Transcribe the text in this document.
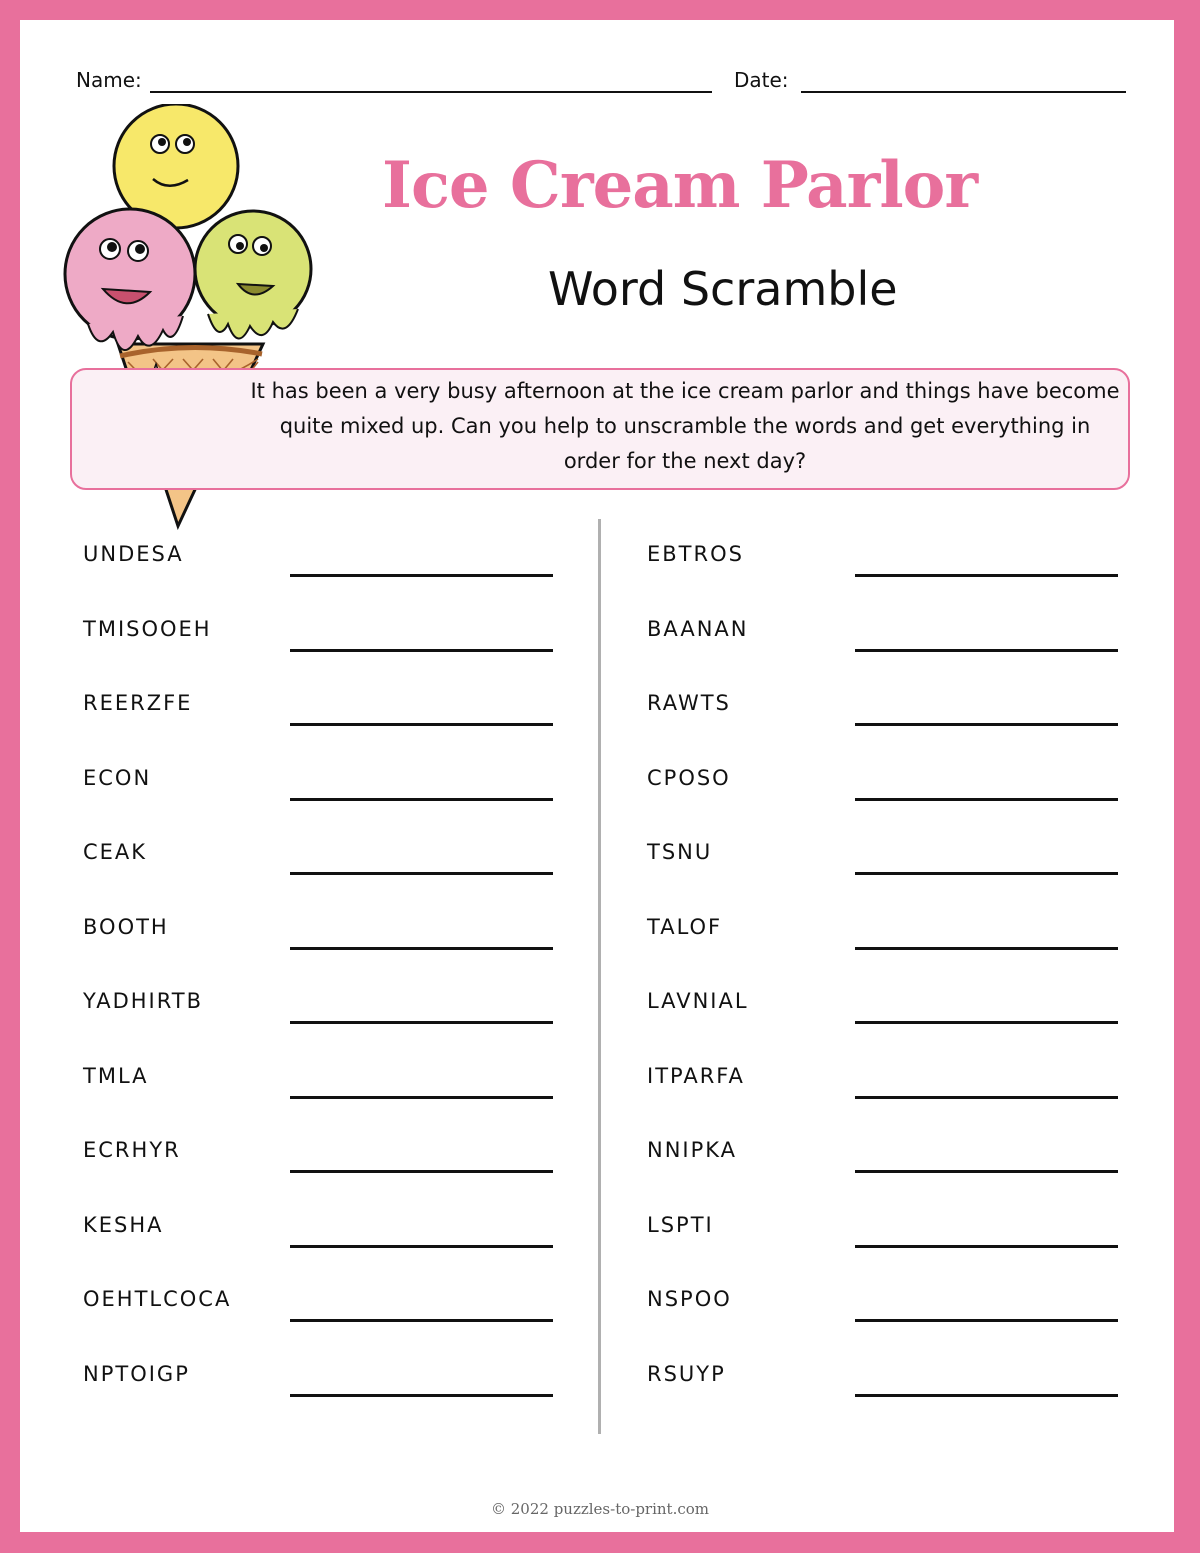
Name:	Date:
Ice Cream Parlor
Word Scramble
It has been a very busy afternoon at the ice cream parlor and things have become quite mixed up. Can you help to unscramble the words and get everything in order for the next day?
UNDESA
TMISOOEH
REERZFE
ECON
CEAK
BOOTH
YADHIRTB
TMLA
ECRHYR
KESHA
OEHTLCOCA
NPTOIGP
EBTROS
BAANAN
RAWTS
CPOSO
TSNU
TALOF
LAVNIAL
ITPARFA
NNIPKA
LSPTI
NSPOO
RSUYP
© 2022 puzzles-to-print.com
